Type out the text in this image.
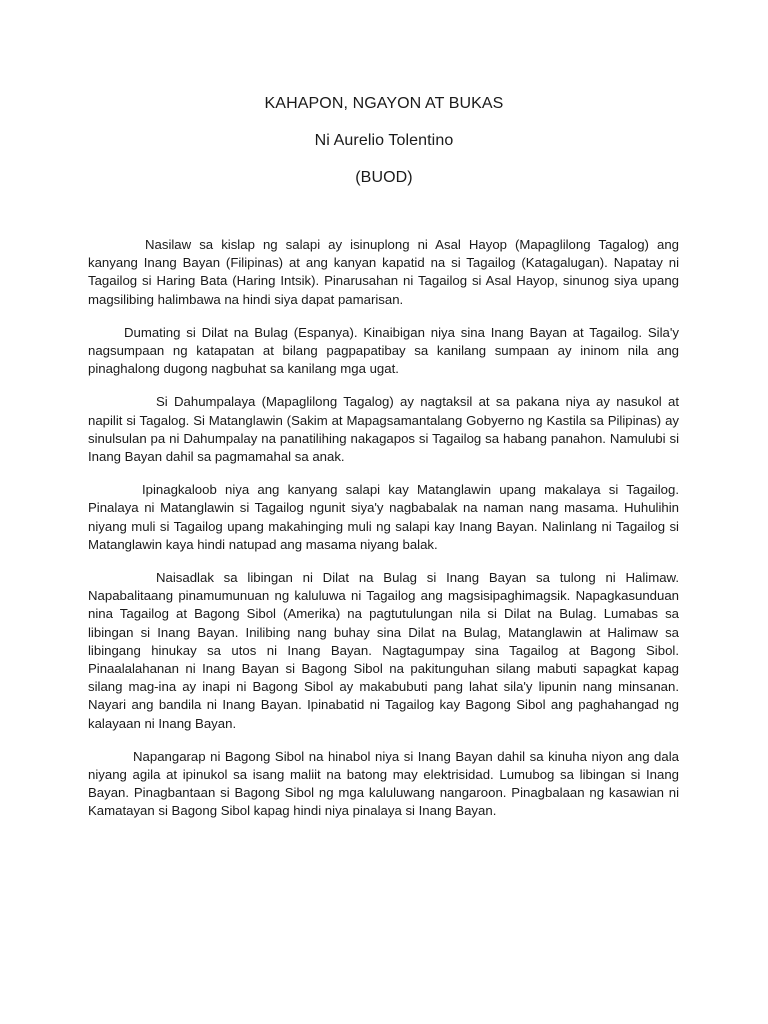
KAHAPON, NGAYON AT BUKAS
Ni Aurelio Tolentino
(BUOD)

Nasilaw sa kislap ng salapi ay isinuplong ni Asal Hayop (Mapaglilong Tagalog) ang kanyang Inang Bayan (Filipinas) at ang kanyan kapatid na si Tagailog (Katagalugan). Napatay ni Tagailog si Haring Bata (Haring Intsik). Pinarusahan ni Tagailog si Asal Hayop, sinunog siya upang magsilibing halimbawa na hindi siya dapat pamarisan.

Dumating si Dilat na Bulag (Espanya). Kinaibigan niya sina Inang Bayan at Tagailog. Sila'y nagsumpaan ng katapatan at bilang pagpapatibay sa kanilang sumpaan ay ininom nila ang pinaghalong dugong nagbuhat sa kanilang mga ugat.

Si Dahumpalaya (Mapaglilong Tagalog) ay nagtaksil at sa pakana niya ay nasukol at napilit si Tagalog. Si Matanglawin (Sakim at Mapagsamantalang Gobyerno ng Kastila sa Pilipinas) ay sinulsulan pa ni Dahumpalay na panatilihing nakagapos si Tagailog sa habang panahon. Namulubi si Inang Bayan dahil sa pagmamahal sa anak.

Ipinagkaloob niya ang kanyang salapi kay Matanglawin upang makalaya si Tagailog. Pinalaya ni Matanglawin si Tagailog ngunit siya'y nagbabalak na naman nang masama. Huhulihin niyang muli si Tagailog upang makahinging muli ng salapi kay Inang Bayan. Nalinlang ni Tagailog si Matanglawin kaya hindi natupad ang masama niyang balak.

Naisadlak sa libingan ni Dilat na Bulag si Inang Bayan sa tulong ni Halimaw. Napabalitaang pinamumunuan ng kaluluwa ni Tagailog ang magsisipaghimagsik. Napagkasunduan nina Tagailog at Bagong Sibol (Amerika) na pagtutulungan nila si Dilat na Bulag. Lumabas sa libingan si Inang Bayan. Inilibing nang buhay sina Dilat na Bulag, Matanglawin at Halimaw sa libingang hinukay sa utos ni Inang Bayan. Nagtagumpay sina Tagailog at Bagong Sibol. Pinaalalahanan ni Inang Bayan si Bagong Sibol na pakitunguhan silang mabuti sapagkat kapag silang mag-ina ay inapi ni Bagong Sibol ay makabubuti pang lahat sila'y lipunin nang minsanan. Nayari ang bandila ni Inang Bayan. Ipinabatid ni Tagailog kay Bagong Sibol ang paghahangad ng kalayaan ni Inang Bayan.

Napangarap ni Bagong Sibol na hinabol niya si Inang Bayan dahil sa kinuha niyon ang dala niyang agila at ipinukol sa isang maliit na batong may elektrisidad. Lumubog sa libingan si Inang Bayan. Pinagbantaan si Bagong Sibol ng mga kaluluwang nangaroon. Pinagbalaan ng kasawian ni Kamatayan si Bagong Sibol kapag hindi niya pinalaya si Inang Bayan.
